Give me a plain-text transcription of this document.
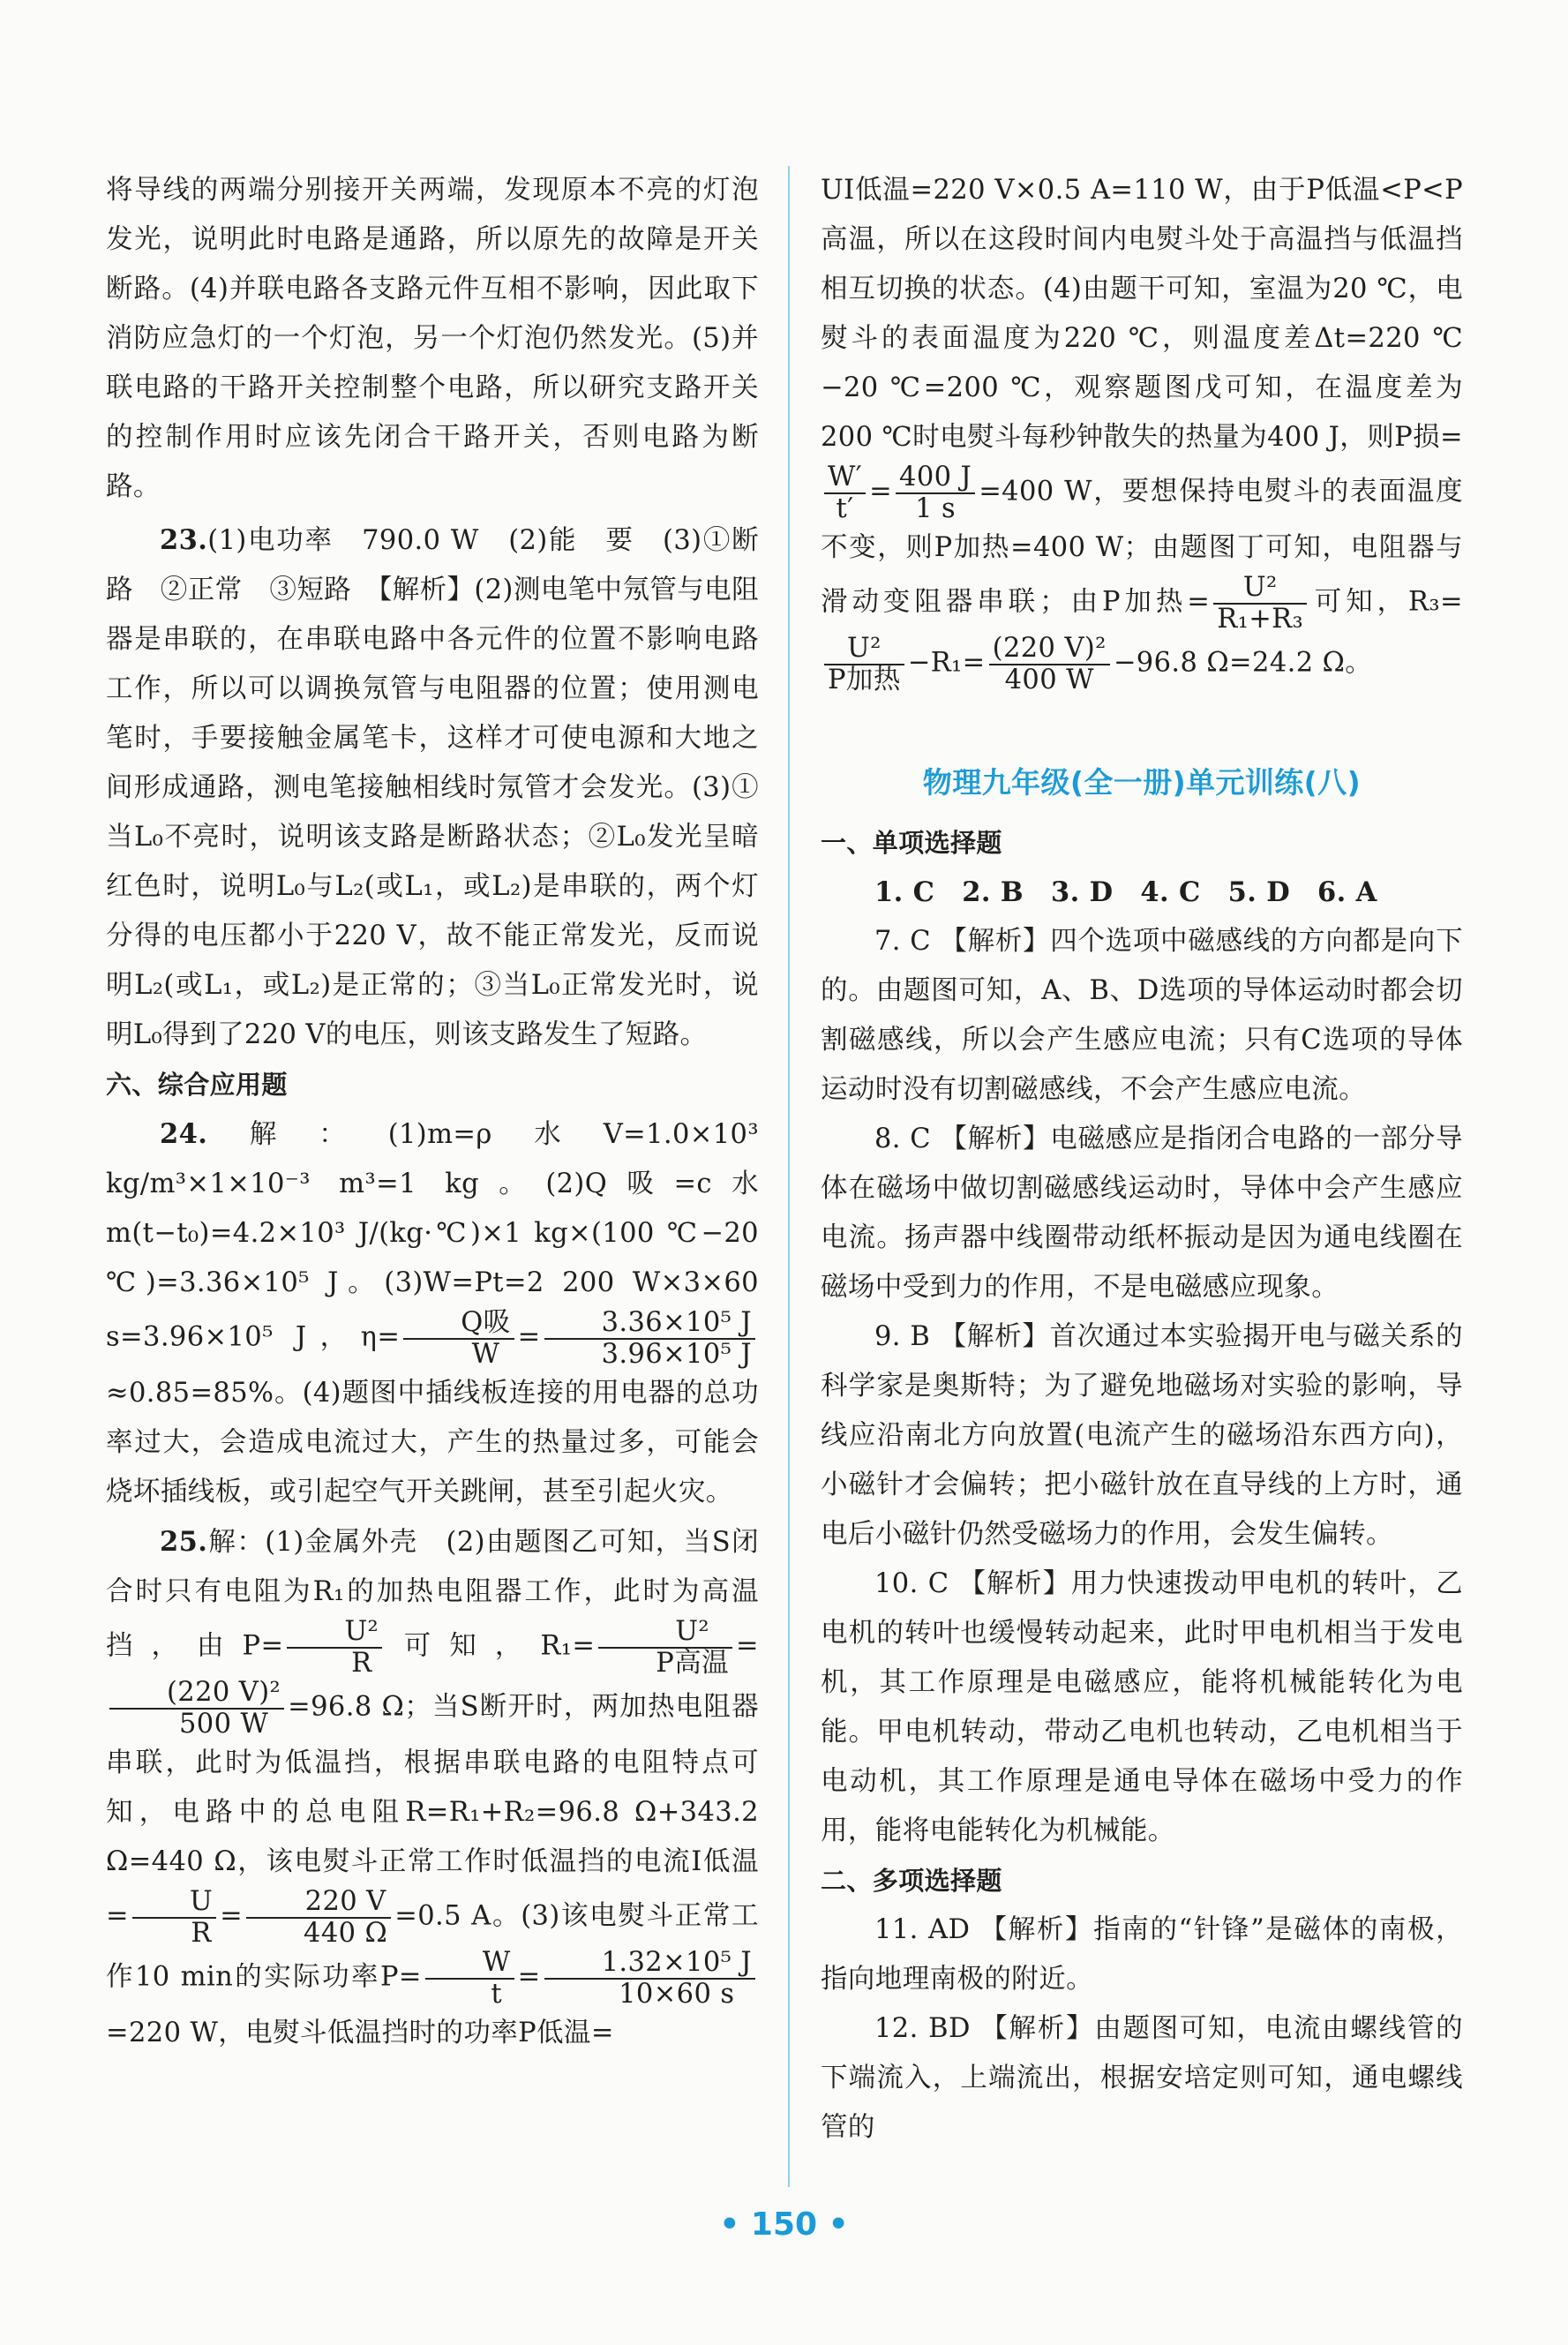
将导线的两端分别接开关两端，发现原本不亮的灯泡发光，说明此时电路是通路，所以原先的故障是开关断路。(4)并联电路各支路元件互相不影响，因此取下消防应急灯的一个灯泡，另一个灯泡仍然发光。(5)并联电路的干路开关控制整个电路，所以研究支路开关的控制作用时应该先闭合干路开关，否则电路为断路。

23.(1)电功率　790.0 W　(2)能　要　(3)①断路　②正常　③短路　【解析】(2)测电笔中氖管与电阻器是串联的，在串联电路中各元件的位置不影响电路工作，所以可以调换氖管与电阻器的位置；使用测电笔时，手要接触金属笔卡，这样才可使电源和大地之间形成通路，测电笔接触相线时氖管才会发光。(3)①当L₀不亮时，说明该支路是断路状态；②L₀发光呈暗红色时，说明L₀与L₂(或L₁，或L₂)是串联的，两个灯分得的电压都小于220 V，故不能正常发光，反而说明L₂(或L₁，或L₂)是正常的；③当L₀正常发光时，说明L₀得到了220 V的电压，则该支路发生了短路。

六、综合应用题

24.解：(1)m=ρ水V=1.0×10³ kg/m³×1×10⁻³ m³=1 kg。(2)Q吸=c水m(t−t₀)=4.2×10³ J/(kg·℃)×1 kg×(100 ℃−20 ℃)=3.36×10⁵ J。(3)W=Pt=2 200 W×3×60 s=3.96×10⁵ J，$\eta= \frac{\text{Q吸}}{W} = \frac{\text{3.36×10⁵ J}}{\text{3.96×10⁵ J}}$
≈0.85=85%。(4)题图中插线板连接的用电器的总功率过大，会造成电流过大，产生的热量过多，可能会烧坏插线板，或引起空气开关跳闸，甚至引起火灾。

25.解：(1)金属外壳　(2)由题图乙可知，当S闭合时只有电阻为R₁的加热电阻器工作，此时为高温挡，由$P= \frac{\text{U²}}{R}$ 可知，$R_1= \frac{\text{U²}}{\text{P高温}}$ =
$\frac{\text{(220 V)²}}{500 W} =96.8$ Ω；当S断开时，两加热电阻器串联，此时为低温挡，根据串联电路的电阻特点可知，电路中的总电阻R=R₁+R₂=96.8 Ω+343.2 Ω=440 Ω，该电熨斗正常工作时低温挡的电流I低温= $\frac{U}{R} = \frac{220 V}{440 \Omega} =0.5$ A。(3)该电熨斗正常工作10 min的实际功率$P= \frac{W}{t} = \frac{\text{1.32×10⁵ J}}{10\times 60 s}$
=220 W，电熨斗低温挡时的功率P低温=

UI低温=220 V×0.5 A=110 W，由于P低温<P<P高温，所以在这段时间内电熨斗处于高温挡与低温挡相互切换的状态。(4)由题干可知，室温为20 ℃，电熨斗的表面温度为220 ℃，则温度差Δt=220 ℃−20 ℃=200 ℃，观察题图戊可知，在温度差为200 ℃时电熨斗每秒钟散失的热量为400 J，则P损=
$\frac{W'}{t'} = \frac{400 J}{1 s} =400$ W，要想保持电熨斗的表面温度不变，则P加热=400 W；由题图丁可知，电阻器与滑动变阻器串联；由P加热= $\frac{\text{U²}}{\text{R₁+R₃}}$ 可知，R₃=
$\frac{\text{U²}}{\text{P加热}} -R_1= \frac{\text{(220 V)²}}{400 W} -96.8$ Ω=24.2 Ω。

物理九年级(全一册)单元训练(八)

一、单项选择题

1. C　2. B　3. D　4. C　5. D　6. A

7. C 【解析】四个选项中磁感线的方向都是向下的。由题图可知，A、B、D选项的导体运动时都会切割磁感线，所以会产生感应电流；只有C选项的导体运动时没有切割磁感线，不会产生感应电流。

8. C 【解析】电磁感应是指闭合电路的一部分导体在磁场中做切割磁感线运动时，导体中会产生感应电流。扬声器中线圈带动纸杯振动是因为通电线圈在磁场中受到力的作用，不是电磁感应现象。

9. B 【解析】首次通过本实验揭开电与磁关系的科学家是奥斯特；为了避免地磁场对实验的影响，导线应沿南北方向放置(电流产生的磁场沿东西方向)，小磁针才会偏转；把小磁针放在直导线的上方时，通电后小磁针仍然受磁场力的作用，会发生偏转。

10. C 【解析】用力快速拨动甲电机的转叶，乙电机的转叶也缓慢转动起来，此时甲电机相当于发电机，其工作原理是电磁感应，能将机械能转化为电能。甲电机转动，带动乙电机也转动，乙电机相当于电动机，其工作原理是通电导体在磁场中受力的作用，能将电能转化为机械能。

二、多项选择题

11. AD 【解析】指南的“针锋”是磁体的南极，指向地理南极的附近。

12. BD 【解析】由题图可知，电流由螺线管的下端流入，上端流出，根据安培定则可知，通电螺线管的

• 150 •
